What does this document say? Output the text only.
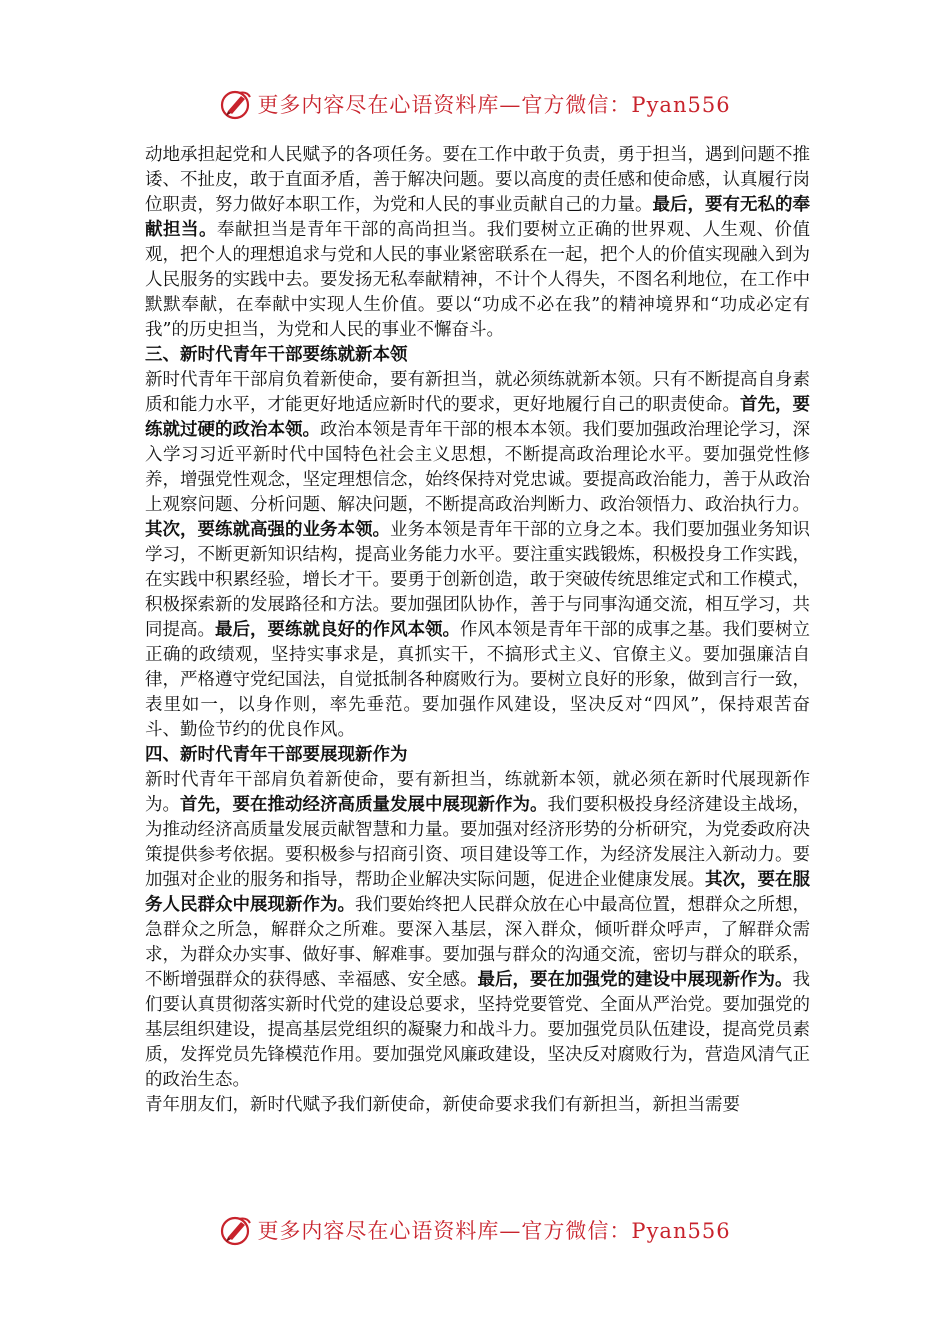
更多内容尽在心语资料库—官方微信：Pyan556

动地承担起党和人民赋予的各项任务。要在工作中敢于负责，勇于担当，遇到问题不推诿、不扯皮，敢于直面矛盾，善于解决问题。要以高度的责任感和使命感，认真履行岗位职责，努力做好本职工作，为党和人民的事业贡献自己的力量。最后，要有无私的奉献担当。奉献担当是青年干部的高尚担当。我们要树立正确的世界观、人生观、价值观，把个人的理想追求与党和人民的事业紧密联系在一起，把个人的价值实现融入到为人民服务的实践中去。要发扬无私奉献精神，不计个人得失，不图名利地位，在工作中默默奉献，在奉献中实现人生价值。要以“功成不必在我”的精神境界和“功成必定有我”的历史担当，为党和人民的事业不懈奋斗。

三、新时代青年干部要练就新本领

新时代青年干部肩负着新使命，要有新担当，就必须练就新本领。只有不断提高自身素质和能力水平，才能更好地适应新时代的要求，更好地履行自己的职责使命。首先，要练就过硬的政治本领。政治本领是青年干部的根本本领。我们要加强政治理论学习，深入学习习近平新时代中国特色社会主义思想，不断提高政治理论水平。要加强党性修养，增强党性观念，坚定理想信念，始终保持对党忠诚。要提高政治能力，善于从政治上观察问题、分析问题、解决问题，不断提高政治判断力、政治领悟力、政治执行力。其次，要练就高强的业务本领。业务本领是青年干部的立身之本。我们要加强业务知识学习，不断更新知识结构，提高业务能力水平。要注重实践锻炼，积极投身工作实践，在实践中积累经验，增长才干。要勇于创新创造，敢于突破传统思维定式和工作模式，积极探索新的发展路径和方法。要加强团队协作，善于与同事沟通交流，相互学习，共同提高。最后，要练就良好的作风本领。作风本领是青年干部的成事之基。我们要树立正确的政绩观，坚持实事求是，真抓实干，不搞形式主义、官僚主义。要加强廉洁自律，严格遵守党纪国法，自觉抵制各种腐败行为。要树立良好的形象，做到言行一致，表里如一，以身作则，率先垂范。要加强作风建设，坚决反对“四风”，保持艰苦奋斗、勤俭节约的优良作风。

四、新时代青年干部要展现新作为

新时代青年干部肩负着新使命，要有新担当，练就新本领，就必须在新时代展现新作为。首先，要在推动经济高质量发展中展现新作为。我们要积极投身经济建设主战场，为推动经济高质量发展贡献智慧和力量。要加强对经济形势的分析研究，为党委政府决策提供参考依据。要积极参与招商引资、项目建设等工作，为经济发展注入新动力。要加强对企业的服务和指导，帮助企业解决实际问题，促进企业健康发展。其次，要在服务人民群众中展现新作为。我们要始终把人民群众放在心中最高位置，想群众之所想，急群众之所急，解群众之所难。要深入基层，深入群众，倾听群众呼声，了解群众需求，为群众办实事、做好事、解难事。要加强与群众的沟通交流，密切与群众的联系，不断增强群众的获得感、幸福感、安全感。最后，要在加强党的建设中展现新作为。我们要认真贯彻落实新时代党的建设总要求，坚持党要管党、全面从严治党。要加强党的基层组织建设，提高基层党组织的凝聚力和战斗力。要加强党员队伍建设，提高党员素质，发挥党员先锋模范作用。要加强党风廉政建设，坚决反对腐败行为，营造风清气正的政治生态。

青年朋友们，新时代赋予我们新使命，新使命要求我们有新担当，新担当需要

更多内容尽在心语资料库—官方微信：Pyan556
